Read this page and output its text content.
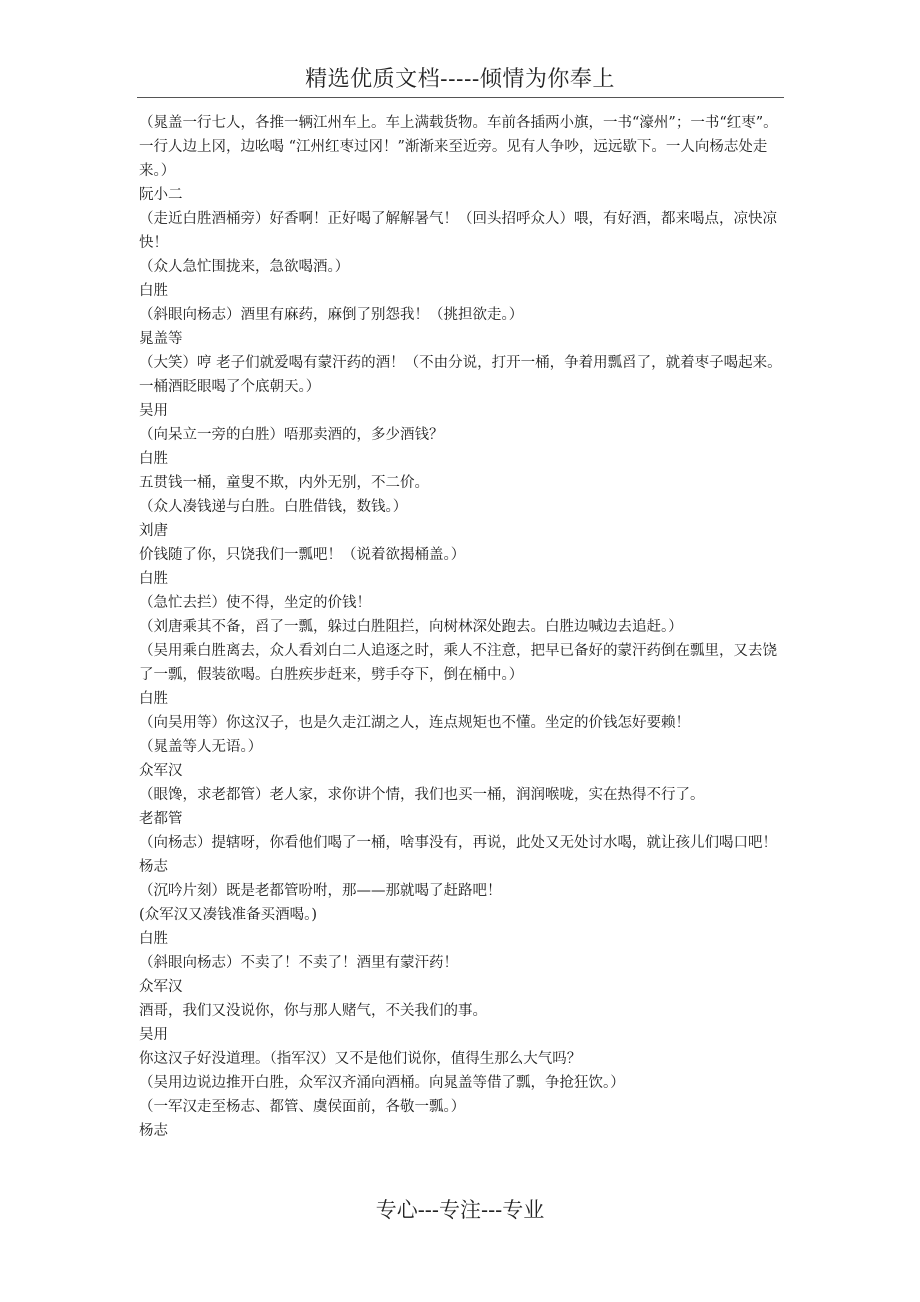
精选优质文档-----倾情为你奉上
（晁盖一行七人，各推一辆江州车上。车上满载货物。车前各插两小旗，一书“濠州”；一书“红枣”。一行人边上冈，边吆喝 “江州红枣过冈！”渐渐来至近旁。见有人争吵，远远歇下。一人向杨志处走来。）
阮小二
（走近白胜酒桶旁）好香啊！正好喝了解解暑气！（回头招呼众人）喂，有好酒，都来喝点，凉快凉快！
（众人急忙围拢来，急欲喝酒。）
白胜
（斜眼向杨志）酒里有麻药，麻倒了别怨我！（挑担欲走。）
晁盖等
（大笑）哼 老子们就爱喝有蒙汗药的酒！（不由分说，打开一桶，争着用瓢舀了，就着枣子喝起来。一桶酒眨眼喝了个底朝天。）
吴用
（向呆立一旁的白胜）唔那卖酒的，多少酒钱？
白胜
五贯钱一桶，童叟不欺，内外无别，不二价。
（众人凑钱递与白胜。白胜借钱，数钱。）
刘唐
价钱随了你，只饶我们一瓢吧！（说着欲揭桶盖。）
白胜
（急忙去拦）使不得，坐定的价钱！
（刘唐乘其不备，舀了一瓢，躲过白胜阻拦，向树林深处跑去。白胜边喊边去追赶。）
（吴用乘白胜离去，众人看刘白二人追逐之时，乘人不注意，把早已备好的蒙汗药倒在瓢里，又去饶了一瓢，假装欲喝。白胜疾步赶来，劈手夺下，倒在桶中。）
白胜
（向吴用等）你这汉子，也是久走江湖之人，连点规矩也不懂。坐定的价钱怎好要赖！
（晁盖等人无语。）
众军汉
（眼馋，求老都管）老人家，求你讲个情，我们也买一桶，润润喉咙，实在热得不行了。
老都管
（向杨志）提辖呀，你看他们喝了一桶，啥事没有，再说，此处又无处讨水喝，就让孩儿们喝口吧！
杨志
（沉吟片刻）既是老都管吩咐，那——那就喝了赶路吧！
(众军汉又凑钱准备买酒喝。)
白胜
（斜眼向杨志）不卖了！不卖了！酒里有蒙汗药！
众军汉
酒哥，我们又没说你，你与那人赌气，不关我们的事。
吴用
你这汉子好没道理。（指军汉）又不是他们说你，值得生那么大气吗？
（吴用边说边推开白胜，众军汉齐涌向酒桶。向晁盖等借了瓢，争抢狂饮。）
（一军汉走至杨志、都管、虞侯面前，各敬一瓢。）
杨志
专心---专注---专业
